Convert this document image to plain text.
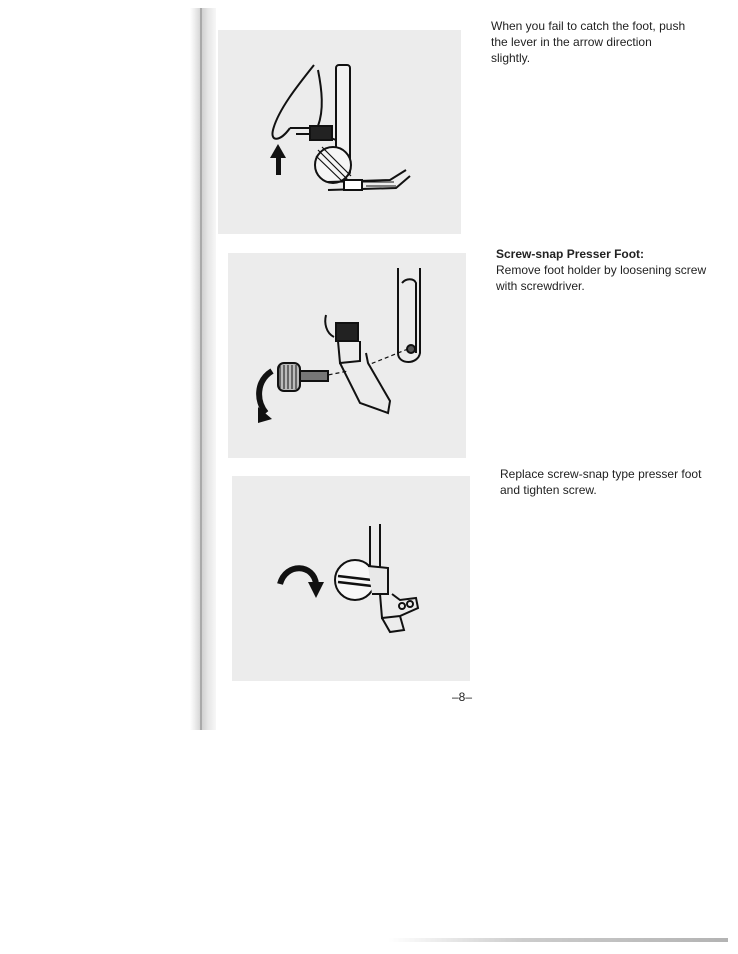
When you fail to catch the foot, push the lever in the arrow direction slightly.
Screw-snap Presser Foot:
Remove foot holder by loosening screw with screwdriver.
Replace screw-snap type presser foot and tighten screw.
–8–
